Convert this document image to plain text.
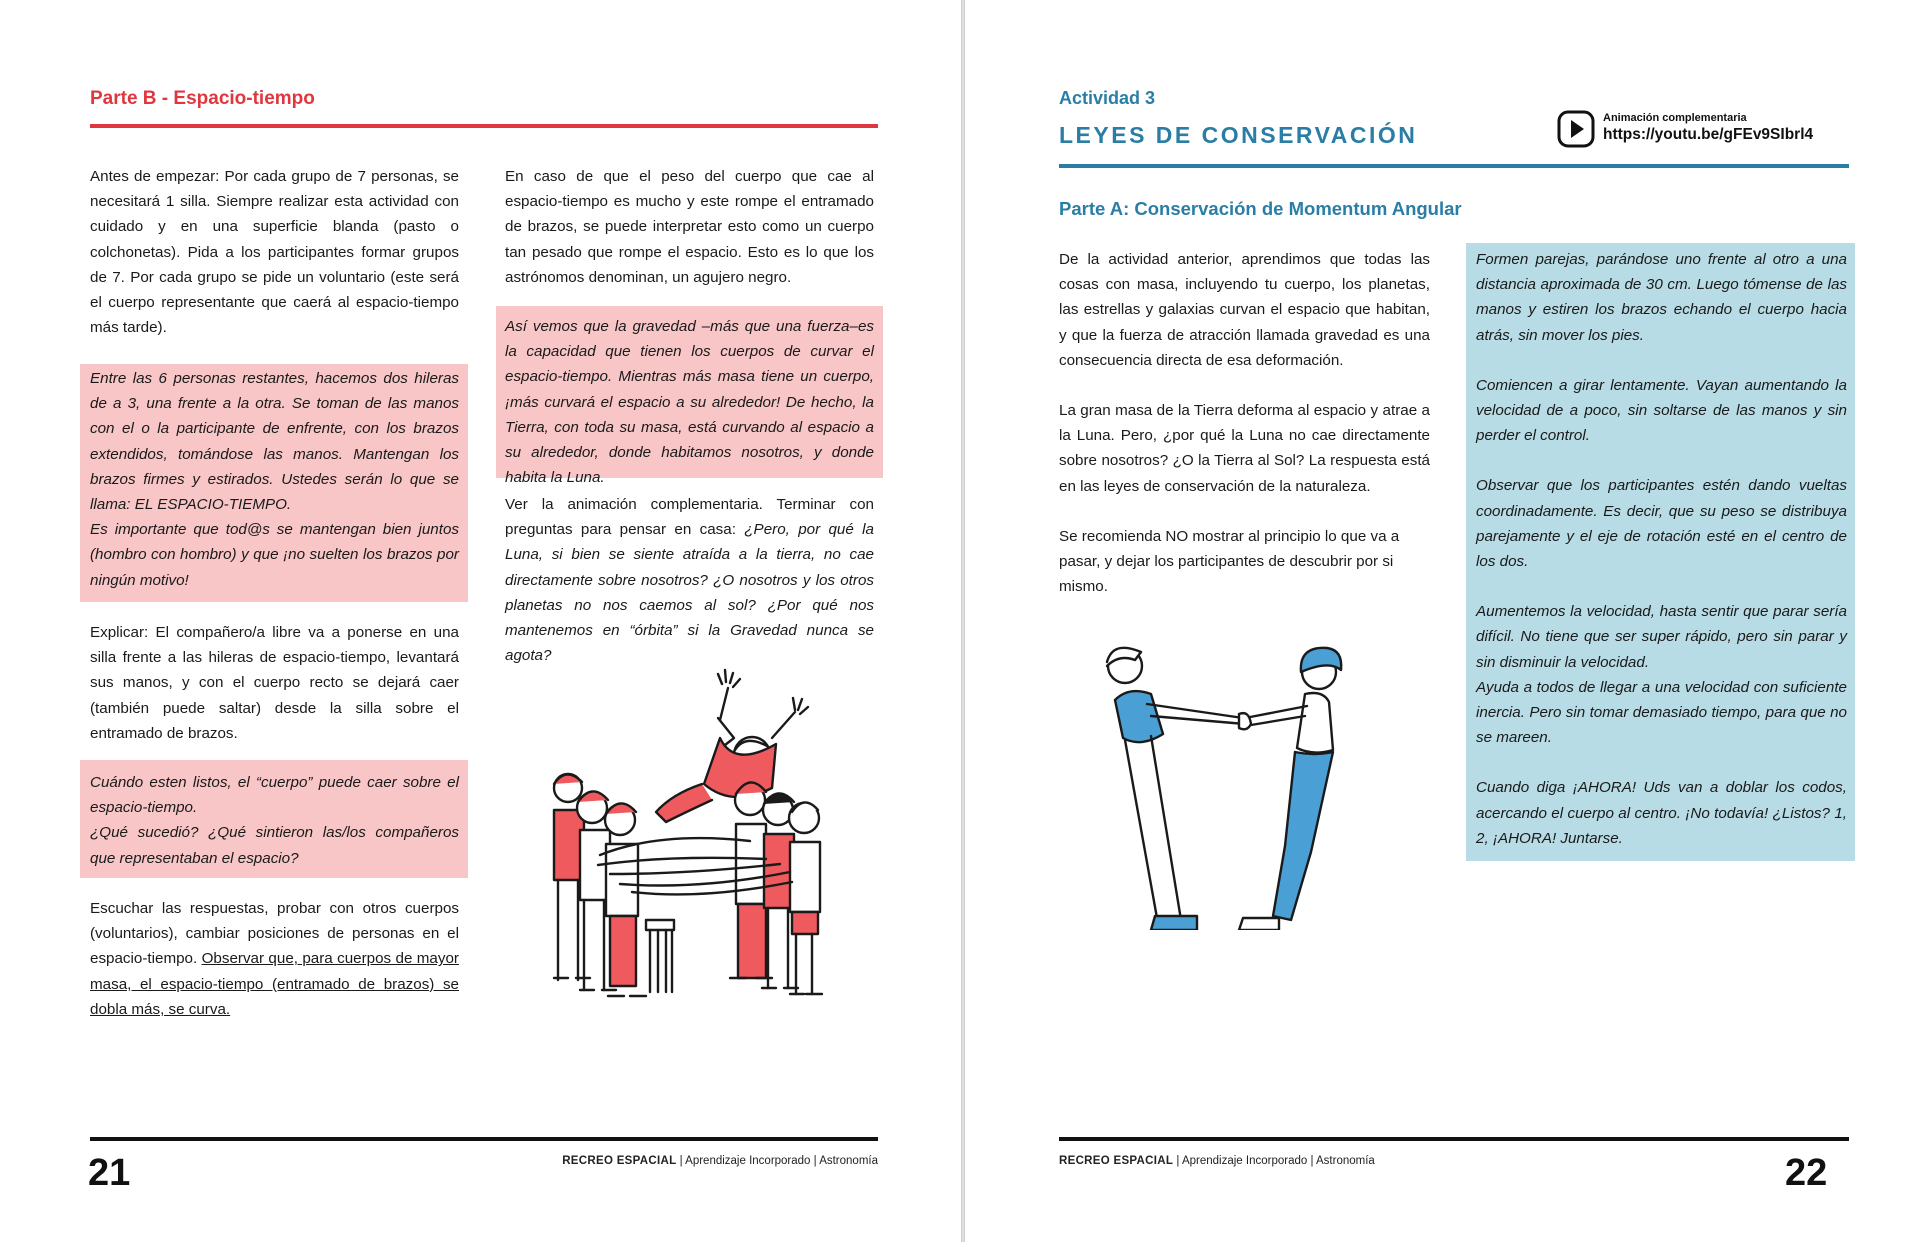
Parte B - Espacio-tiempo

Antes de empezar: Por cada grupo de 7 personas, se necesitará 1 silla. Siempre realizar esta actividad con cuidado y en una superficie blanda (pasto o colchonetas). Pida a los participantes formar grupos de 7. Por cada grupo se pide un voluntario (este será el cuerpo representante que caerá al espacio-tiempo más tarde).

Entre las 6 personas restantes, hacemos dos hileras de a 3, una frente a la otra. Se toman de las manos con el o la participante de enfrente, con los brazos extendidos, tomándose las manos. Mantengan los brazos firmes y estirados. Ustedes serán lo que se llama: EL ESPACIO-TIEMPO.

Es importante que tod@s se mantengan bien juntos (hombro con hombro) y que ¡no suelten los brazos por ningún motivo!

Explicar: El compañero/a libre va a ponerse en una silla frente a las hileras de espacio-tiempo, levantará sus manos, y con el cuerpo recto se dejará caer (también puede saltar) desde la silla sobre el entramado de brazos.

Cuándo esten listos, el “cuerpo” puede caer sobre el espacio-tiempo.

¿Qué sucedió? ¿Qué sintieron las/los compañeros que representaban el espacio?

Escuchar las respuestas, probar con otros cuerpos (voluntarios), cambiar posiciones de personas en el espacio-tiempo. Observar que, para cuerpos de mayor masa, el espacio-tiempo (entramado de brazos) se dobla más, se curva.

En caso de que el peso del cuerpo que cae al espacio-tiempo es mucho y este rompe el entramado de brazos, se puede interpretar esto como un cuerpo tan pesado que rompe el espacio. Esto es lo que los astrónomos denominan, un agujero negro.

Así vemos que la gravedad –más que una fuerza–es la capacidad que tienen los cuerpos de curvar el espacio-tiempo. Mientras más masa tiene un cuerpo, ¡más curvará el espacio a su alrededor! De hecho, la Tierra, con toda su masa, está curvando al espacio a su alrededor, donde habitamos nosotros, y donde habita la Luna.

Ver la animación complementaria. Terminar con preguntas para pensar en casa: ¿Pero, por qué la Luna, si bien se siente atraída a la tierra, no cae directamente sobre nosotros? ¿O nosotros y los otros planetas no nos caemos al sol? ¿Por qué nos mantenemos en “órbita” si la Gravedad nunca se agota?

RECREO ESPACIAL | Aprendizaje Incorporado | Astronomía
21
Actividad 3
LEYES DE CONSERVACIÓN
Animación complementaria
https://youtu.be/gFEv9SIbrl4
Parte A: Conservación de Momentum Angular

De la actividad anterior, aprendimos que todas las cosas con masa, incluyendo tu cuerpo, los planetas, las estrellas y galaxias curvan el espacio que habitan, y que la fuerza de atracción llamada gravedad es una consecuencia directa de esa deformación.

La gran masa de la Tierra deforma al espacio y atrae a la Luna. Pero, ¿por qué la Luna no cae directamente sobre nosotros? ¿O la Tierra al Sol? La respuesta está en las leyes de conservación de la naturaleza.

Se recomienda NO mostrar al principio lo que va a pasar, y dejar los participantes de descubrir por si mismo.

Formen parejas, parándose uno frente al otro a una distancia aproximada de 30 cm. Luego tómense de las manos y estiren los brazos echando el cuerpo hacia atrás, sin mover los pies.

Comiencen a girar lentamente. Vayan aumentando la velocidad de a poco, sin soltarse de las manos y sin perder el control.

Observar que los participantes estén dando vueltas coordinadamente. Es decir, que su peso se distribuya parejamente y el eje de rotación esté en el centro de los dos.

Aumentemos la velocidad, hasta sentir que parar sería difícil. No tiene que ser super rápido, pero sin parar y sin disminuir la velocidad.

Ayuda a todos de llegar a una velocidad con suficiente inercia. Pero sin tomar demasiado tiempo, para que no se mareen.

Cuando diga ¡AHORA! Uds van a doblar los codos, acercando el cuerpo al centro. ¡No todavía! ¿Listos? 1, 2, ¡AHORA! Juntarse.

RECREO ESPACIAL | Aprendizaje Incorporado | Astronomía	22
